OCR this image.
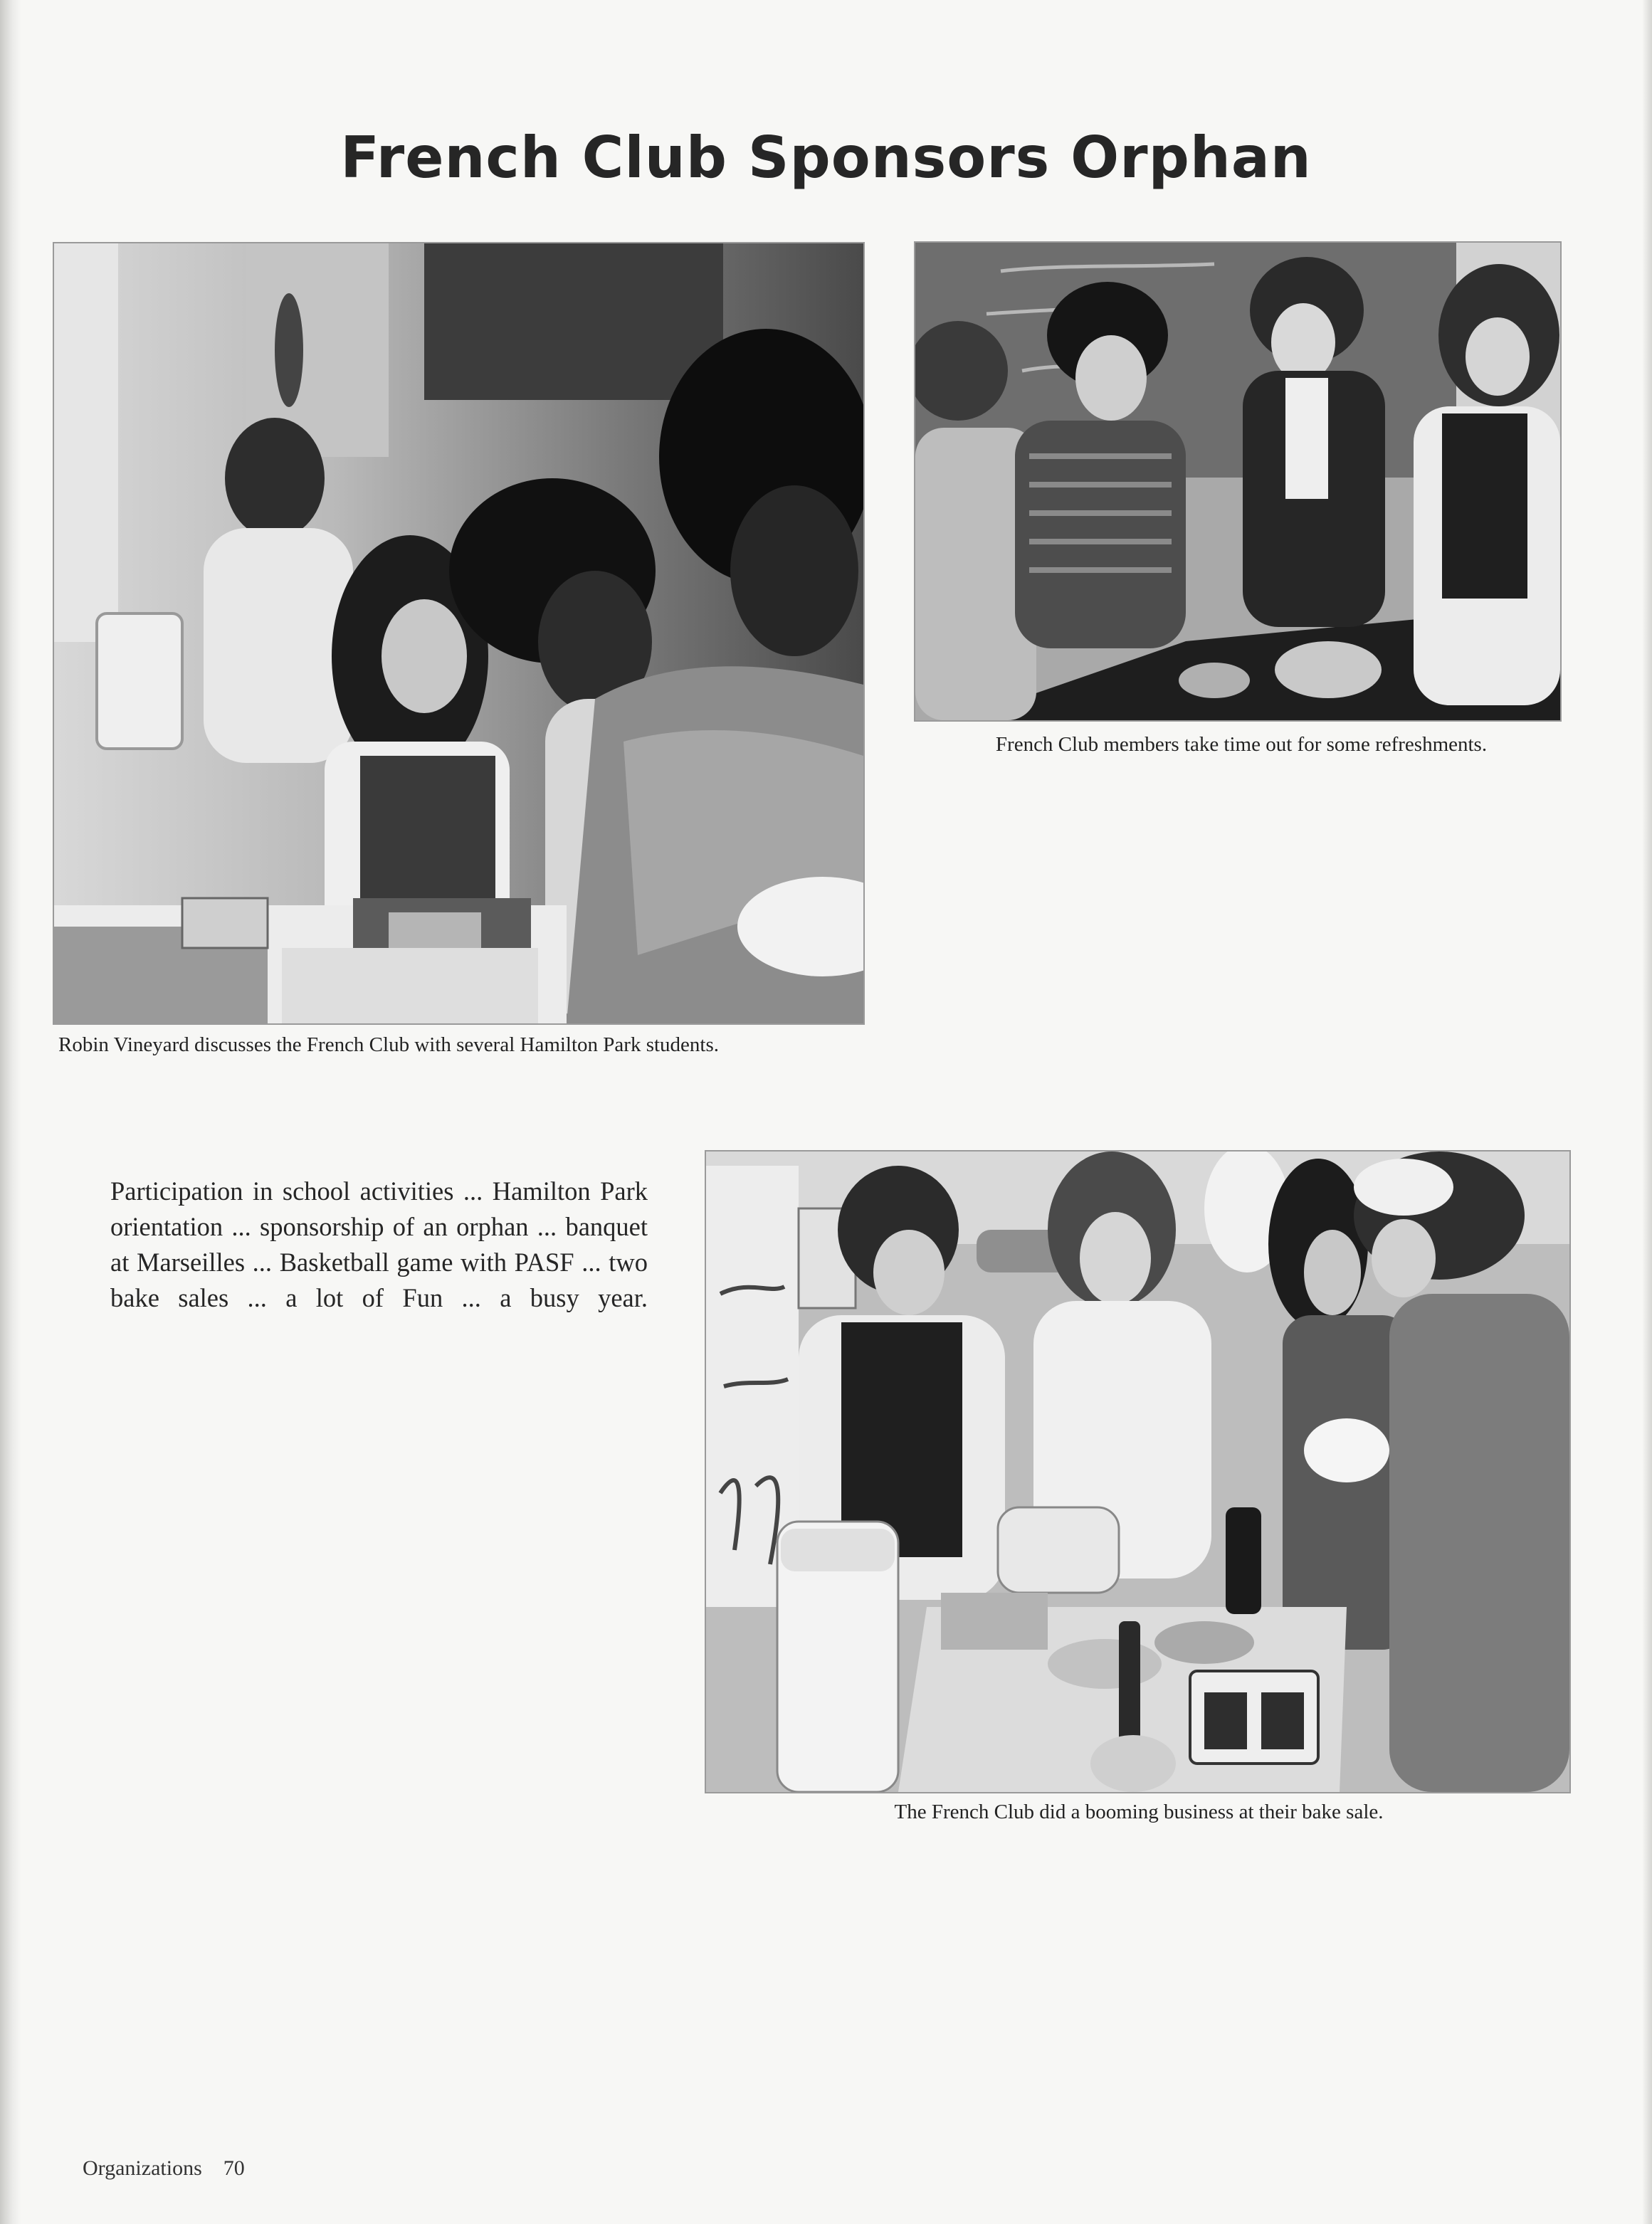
French Club Sponsors Orphan
Robin Vineyard discusses the French Club with several Hamilton Park students.
French Club members take time out for some refreshments.
The French Club did a booming business at their bake sale.

Participation in school activities ... Hamilton Park orientation ... sponsorship of an orphan ... banquet at Marseilles ... Basketball game with PASF ... two bake sales ... a lot of Fun ... a busy year.

Organizations 70
